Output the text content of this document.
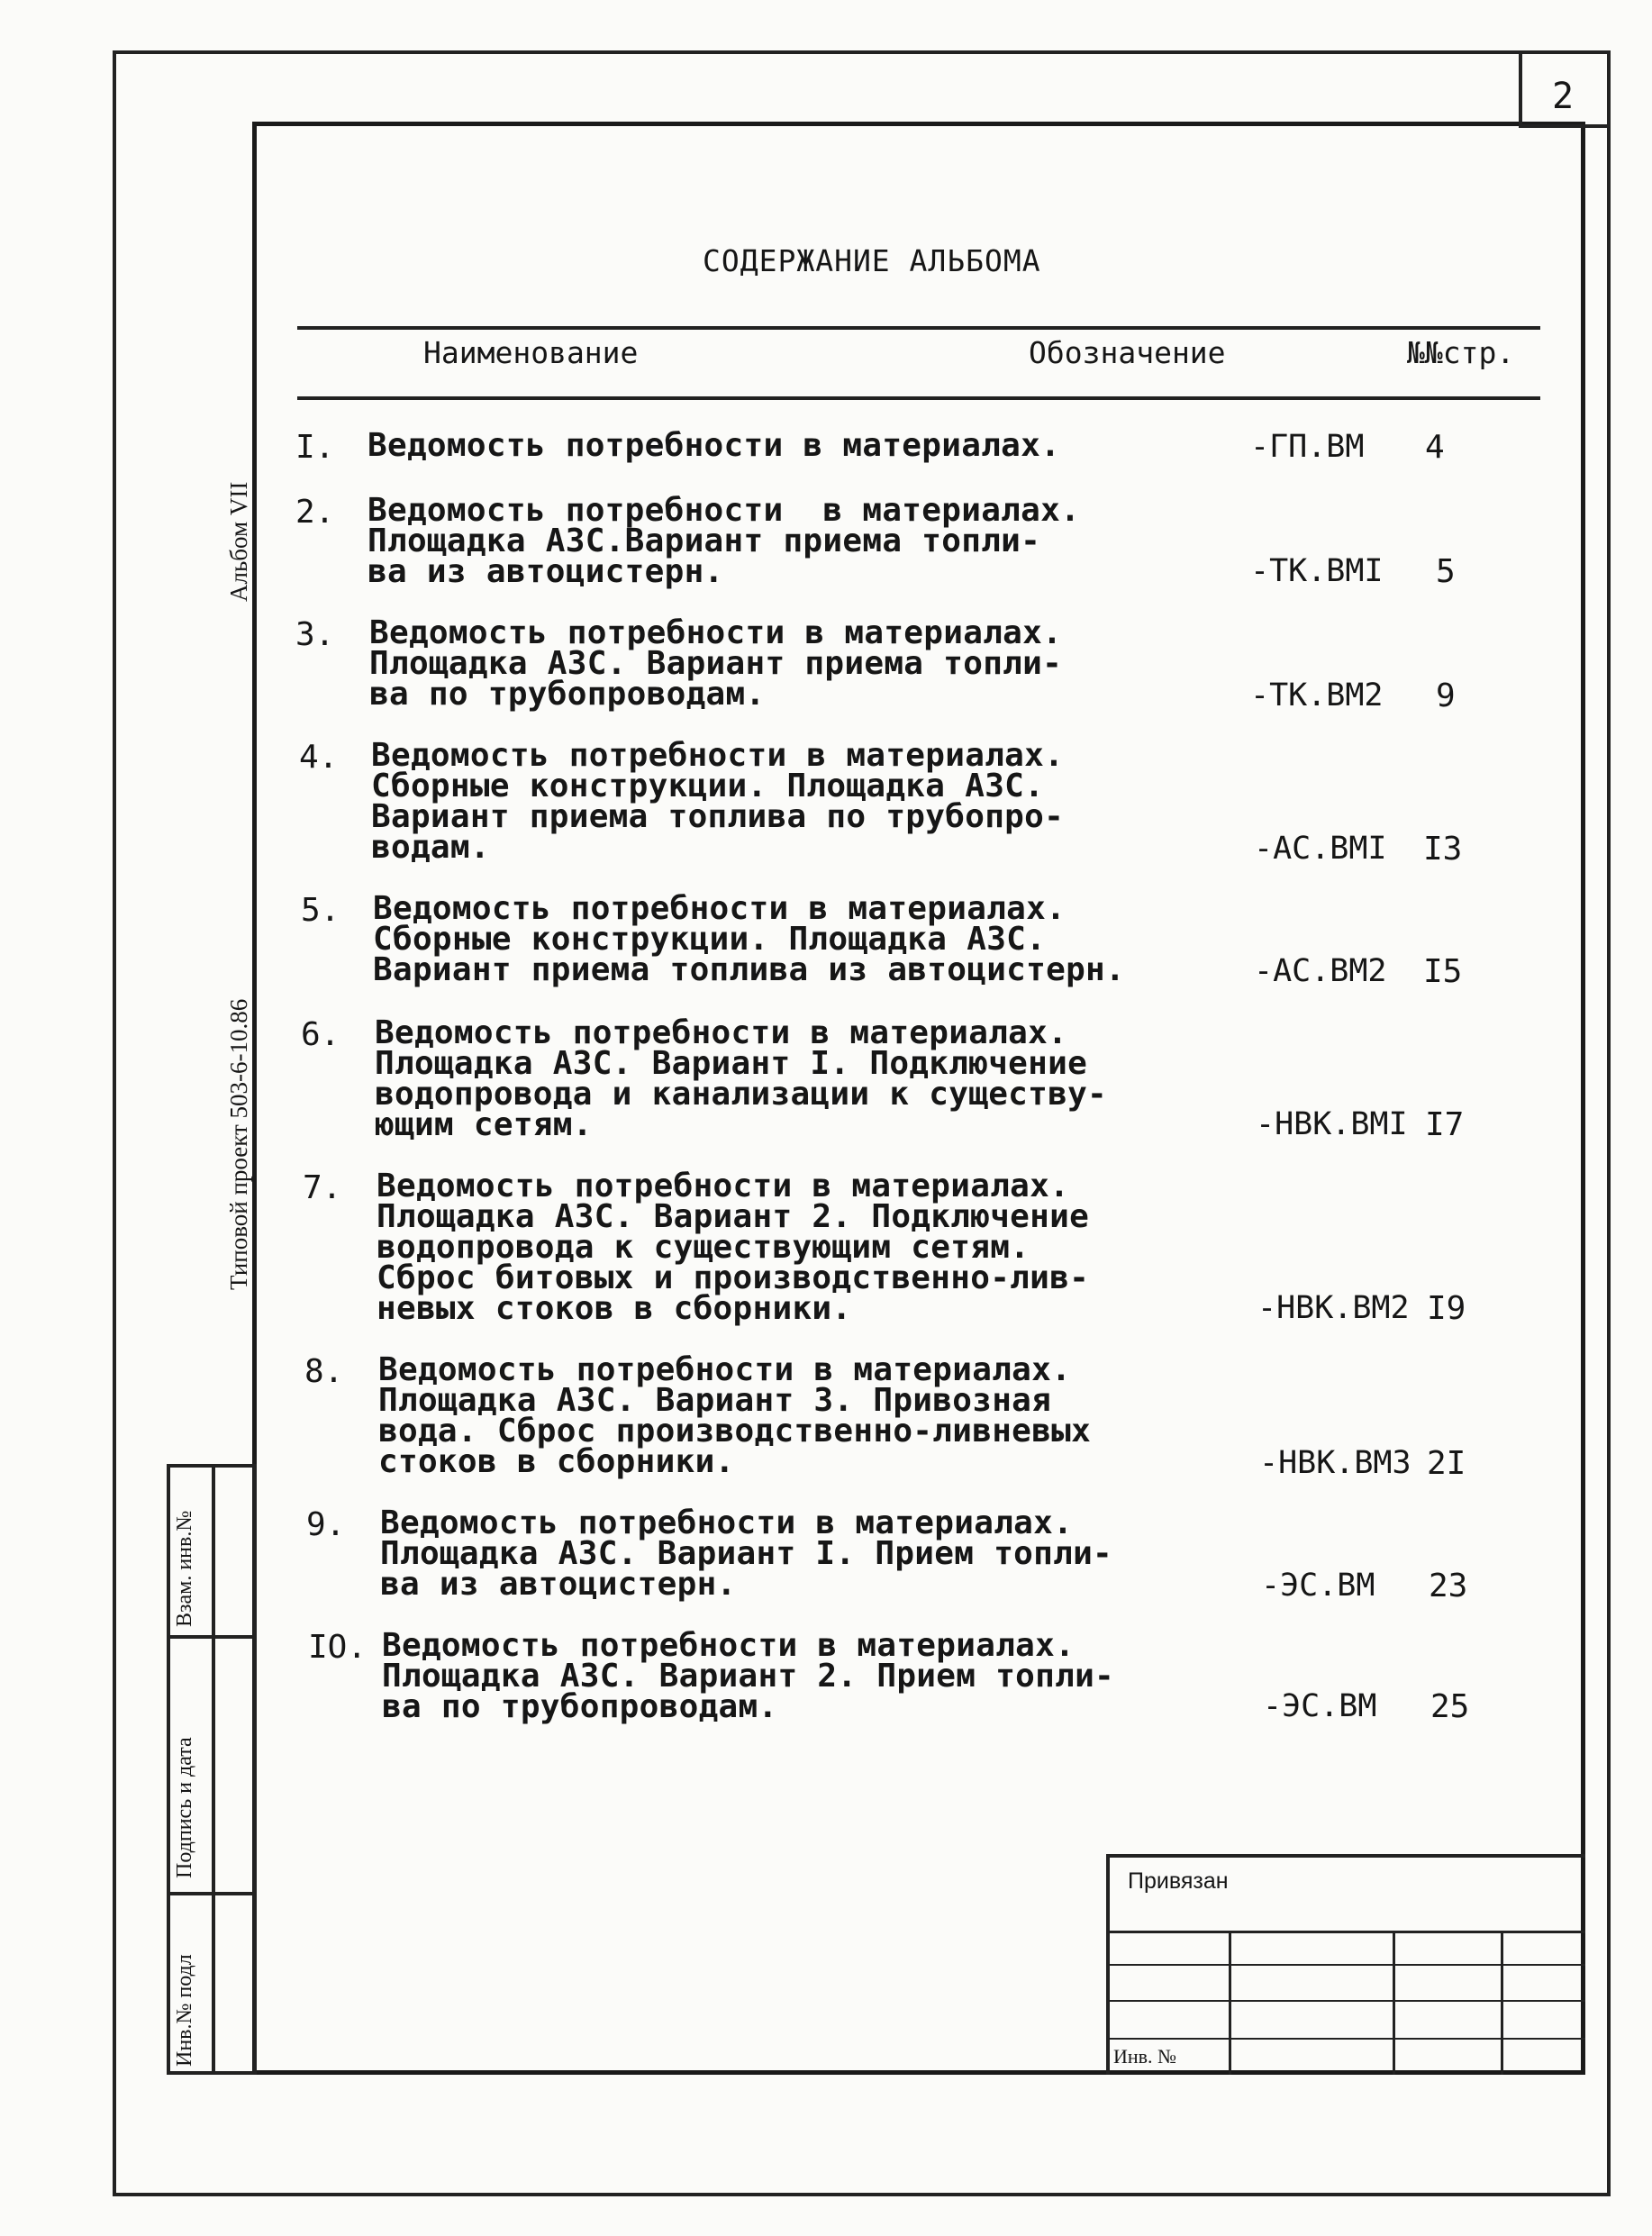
2
СОДЕРЖАНИЕ АЛЬБОМА
Наименование	Обозначение	№№стр.
I. Ведомость потребности в материалах.	-ГП.ВМ 4
2. Ведомость потребности  в материалах.
Площадка АЗС.Вариант приема топли-
ва из автоцистерн.	-ТК.ВМI 5
3. Ведомость потребности в материалах.
Площадка АЗС. Вариант приема топли-
ва по трубопроводам.	-ТК.ВМ2 9
4. Ведомость потребности в материалах.
Сборные конструкции. Площадка АЗС.
Вариант приема топлива по трубопро-
водам.	-АС.ВМI I3
5. Ведомость потребности в материалах.
Сборные конструкции. Площадка АЗС.
Вариант приема топлива из автоцистерн.	-АС.ВМ2 I5
6. Ведомость потребности в материалах.
Площадка АЗС. Вариант I. Подключение
водопровода и канализации к существу-
ющим сетям.	-НВК.ВМI I7
7. Ведомость потребности в материалах.
Площадка АЗС. Вариант 2. Подключение
водопровода к существующим сетям.
Сброс битовых и производственно-лив-
невых стоков в сборники.	-НВК.ВМ2 I9
8. Ведомость потребности в материалах.
Площадка АЗС. Вариант 3. Привозная
вода. Сброс производственно-ливневых
стоков в сборники.	-НВК.ВМ3 2I
9. Ведомость потребности в материалах.
Площадка АЗС. Вариант I. Прием топли-
ва из автоцистерн.	-ЭС.ВМ 23
IO. Ведомость потребности в материалах.
Площадка АЗС. Вариант 2. Прием топли-
ва по трубопроводам.	-ЭС.ВМ 25
Альбом VII
Типовой проект 503-6-10.86
Взам. инв.№
Подпись и дата
Инв.№ подл
Привязан
Инв. №
